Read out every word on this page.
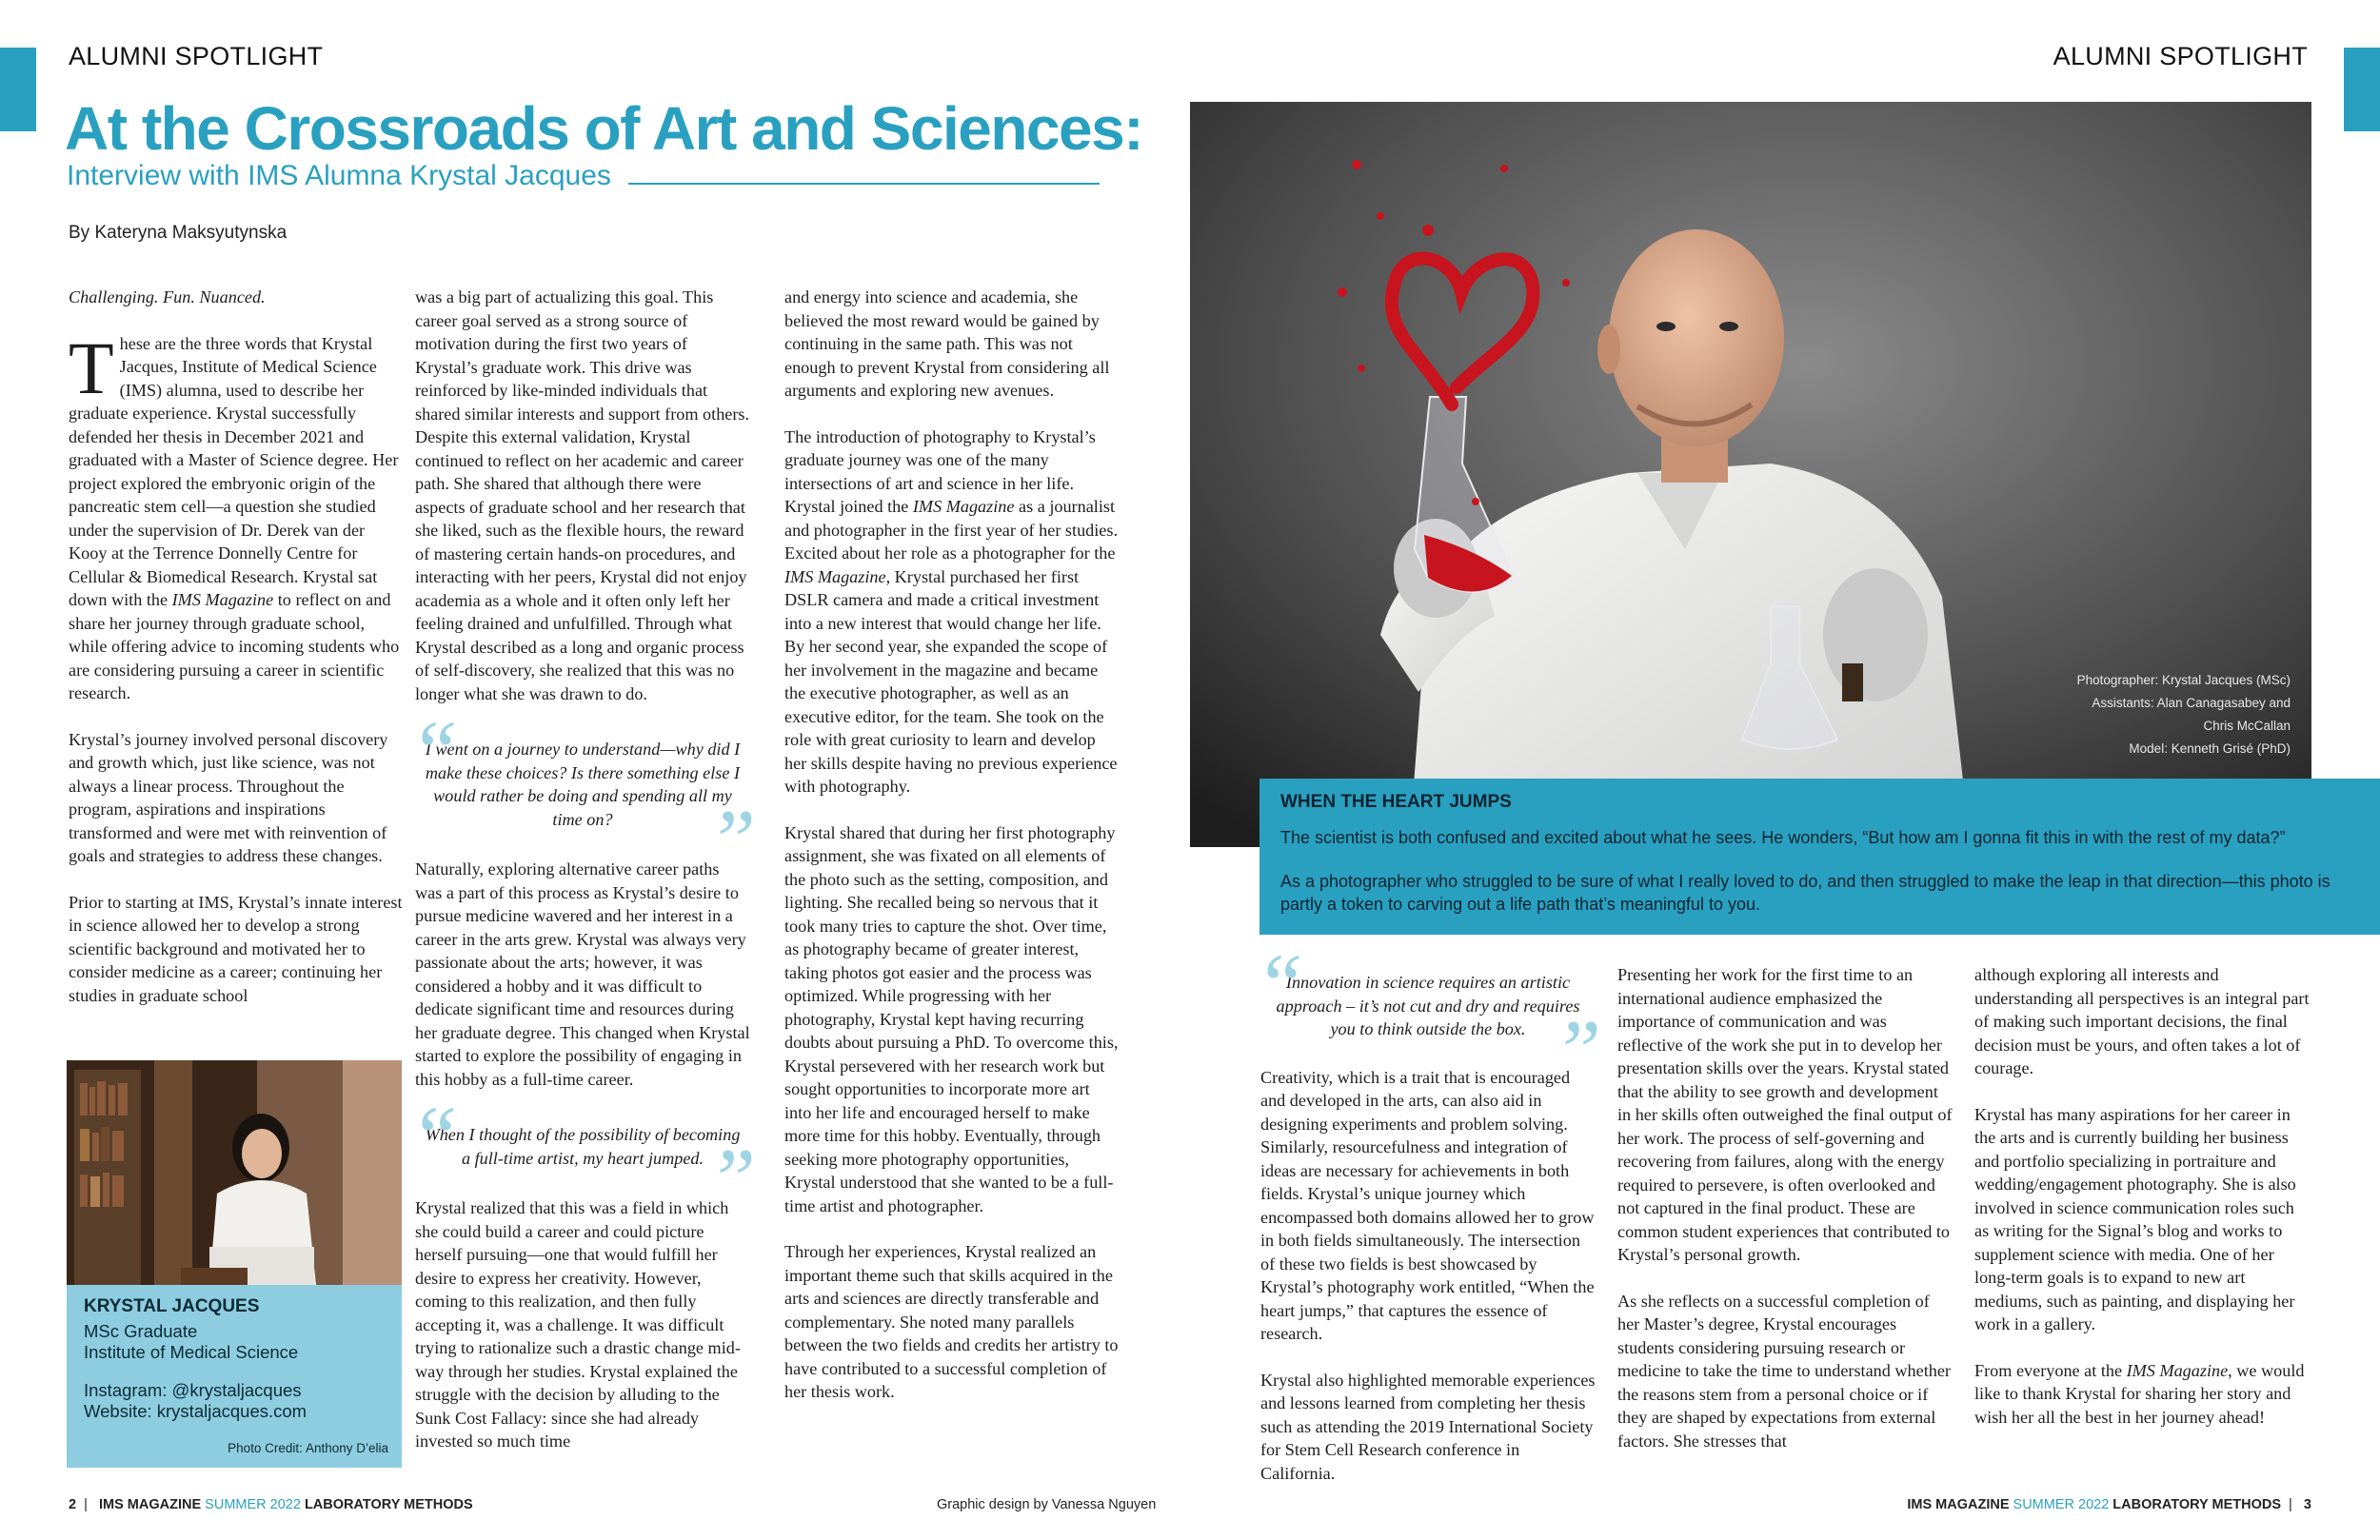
ALUMNI SPOTLIGHT	ALUMNI SPOTLIGHT
At the Crossroads of Art and Sciences:
Interview with IMS Alumna Krystal Jacques
By Kateryna Maksyutynska

Challenging. Fun. Nuanced.

These are the three words that Krystal Jacques, Institute of Medical Science (IMS) alumna, used to describe her graduate experience. Krystal successfully defended her thesis in December 2021 and graduated with a Master of Science degree. Her project explored the embryonic origin of the pancreatic stem cell—a question she studied under the supervision of Dr. Derek van der Kooy at the Terrence Donnelly Centre for Cellular & Biomedical Research. Krystal sat down with the IMS Magazine to reflect on and share her journey through graduate school, while offering advice to incoming students who are considering pursuing a career in scientific research.

Krystal’s journey involved personal discovery and growth which, just like science, was not always a linear process. Throughout the program, aspirations and inspirations transformed and were met with reinvention of goals and strategies to address these changes.

Prior to starting at IMS, Krystal’s innate interest in science allowed her to develop a strong scientific background and motivated her to consider medicine as a career; continuing her studies in graduate school

KRYSTAL JACQUES
MSc Graduate
Institute of Medical Science
Instagram: @krystaljacques
Website: krystaljacques.com
Photo Credit: Anthony D’elia

was a big part of actualizing this goal. This career goal served as a strong source of motivation during the first two years of Krystal’s graduate work. This drive was reinforced by like-minded individuals that shared similar interests and support from others. Despite this external validation, Krystal continued to reflect on her academic and career path. She shared that although there were aspects of graduate school and her research that she liked, such as the flexible hours, the reward of mastering certain hands-on procedures, and interacting with her peers, Krystal did not enjoy academia as a whole and it often only left her feeling drained and unfulfilled. Through what Krystal described as a long and organic process of self-discovery, she realized that this was no longer what she was drawn to do.

“
I went on a journey to understand—why did I make these choices? Is there something else I would rather be doing and spending all my time on? ”

Naturally, exploring alternative career paths was a part of this process as Krystal’s desire to pursue medicine wavered and her interest in a career in the arts grew. Krystal was always very passionate about the arts; however, it was considered a hobby and it was difficult to dedicate significant time and resources during her graduate degree. This changed when Krystal started to explore the possibility of engaging in this hobby as a full-time career.

“
When I thought of the possibility of becoming a full-time artist, my heart jumped. ”

Krystal realized that this was a field in which she could build a career and could picture herself pursuing—one that would fulfill her desire to express her creativity. However, coming to this realization, and then fully accepting it, was a challenge. It was difficult trying to rationalize such a drastic change mid-way through her studies. Krystal explained the struggle with the decision by alluding to the Sunk Cost Fallacy: since she had already invested so much time

and energy into science and academia, she believed the most reward would be gained by continuing in the same path. This was not enough to prevent Krystal from considering all arguments and exploring new avenues.

The introduction of photography to Krystal’s graduate journey was one of the many intersections of art and science in her life. Krystal joined the IMS Magazine as a journalist and photographer in the first year of her studies. Excited about her role as a photographer for the IMS Magazine, Krystal purchased her first DSLR camera and made a critical investment into a new interest that would change her life. By her second year, she expanded the scope of her involvement in the magazine and became the executive photographer, as well as an executive editor, for the team. She took on the role with great curiosity to learn and develop her skills despite having no previous experience with photography.

Krystal shared that during her first photography assignment, she was fixated on all elements of the photo such as the setting, composition, and lighting. She recalled being so nervous that it took many tries to capture the shot. Over time, as photography became of greater interest, taking photos got easier and the process was optimized. While progressing with her photography, Krystal kept having recurring doubts about pursuing a PhD. To overcome this, Krystal persevered with her research work but sought opportunities to incorporate more art into her life and encouraged herself to make more time for this hobby. Eventually, through seeking more photography opportunities, Krystal understood that she wanted to be a full-time artist and photographer.

Through her experiences, Krystal realized an important theme such that skills acquired in the arts and sciences are directly transferable and complementary. She noted many parallels between the two fields and credits her artistry to have contributed to a successful completion of her thesis work.

Photographer: Krystal Jacques (MSc)
Assistants: Alan Canagasabey and
Chris McCallan
Model: Kenneth Grisé (PhD)
WHEN THE HEART JUMPS
The scientist is both confused and excited about what he sees. He wonders, “But how am I gonna fit this in with the rest of my data?”
As a photographer who struggled to be sure of what I really loved to do, and then struggled to make the leap in that direction—this photo is partly a token to carving out a life path that’s meaningful to you.
“
Innovation in science requires an artistic approach – it’s not cut and dry and requires you to think outside the box. ”

Creativity, which is a trait that is encouraged and developed in the arts, can also aid in designing experiments and problem solving. Similarly, resourcefulness and integration of ideas are necessary for achievements in both fields. Krystal’s unique journey which encompassed both domains allowed her to grow in both fields simultaneously. The intersection of these two fields is best showcased by Krystal’s photography work entitled, “When the heart jumps,” that captures the essence of research.

Krystal also highlighted memorable experiences and lessons learned from completing her thesis such as attending the 2019 International Society for Stem Cell Research conference in California.

Presenting her work for the first time to an international audience emphasized the importance of communication and was reflective of the work she put in to develop her presentation skills over the years. Krystal stated that the ability to see growth and development in her skills often outweighed the final output of her work. The process of self-governing and recovering from failures, along with the energy required to persevere, is often overlooked and not captured in the final product. These are common student experiences that contributed to Krystal’s personal growth.

As she reflects on a successful completion of her Master’s degree, Krystal encourages students considering pursuing research or medicine to take the time to understand whether the reasons stem from a personal choice or if they are shaped by expectations from external factors. She stresses that

although exploring all interests and understanding all perspectives is an integral part of making such important decisions, the final decision must be yours, and often takes a lot of courage.

Krystal has many aspirations for her career in the arts and is currently building her business and portfolio specializing in portraiture and wedding/engagement photography. She is also involved in science communication roles such as writing for the Signal’s blog and works to supplement science with media. One of her long-term goals is to expand to new art mediums, such as painting, and displaying her work in a gallery.

From everyone at the IMS Magazine, we would like to thank Krystal for sharing her story and wish her all the best in her journey ahead!

2  |   IMS MAGAZINE SUMMER 2022 LABORATORY METHODS	Graphic design by Vanessa Nguyen	IMS MAGAZINE SUMMER 2022 LABORATORY METHODS  |   3
